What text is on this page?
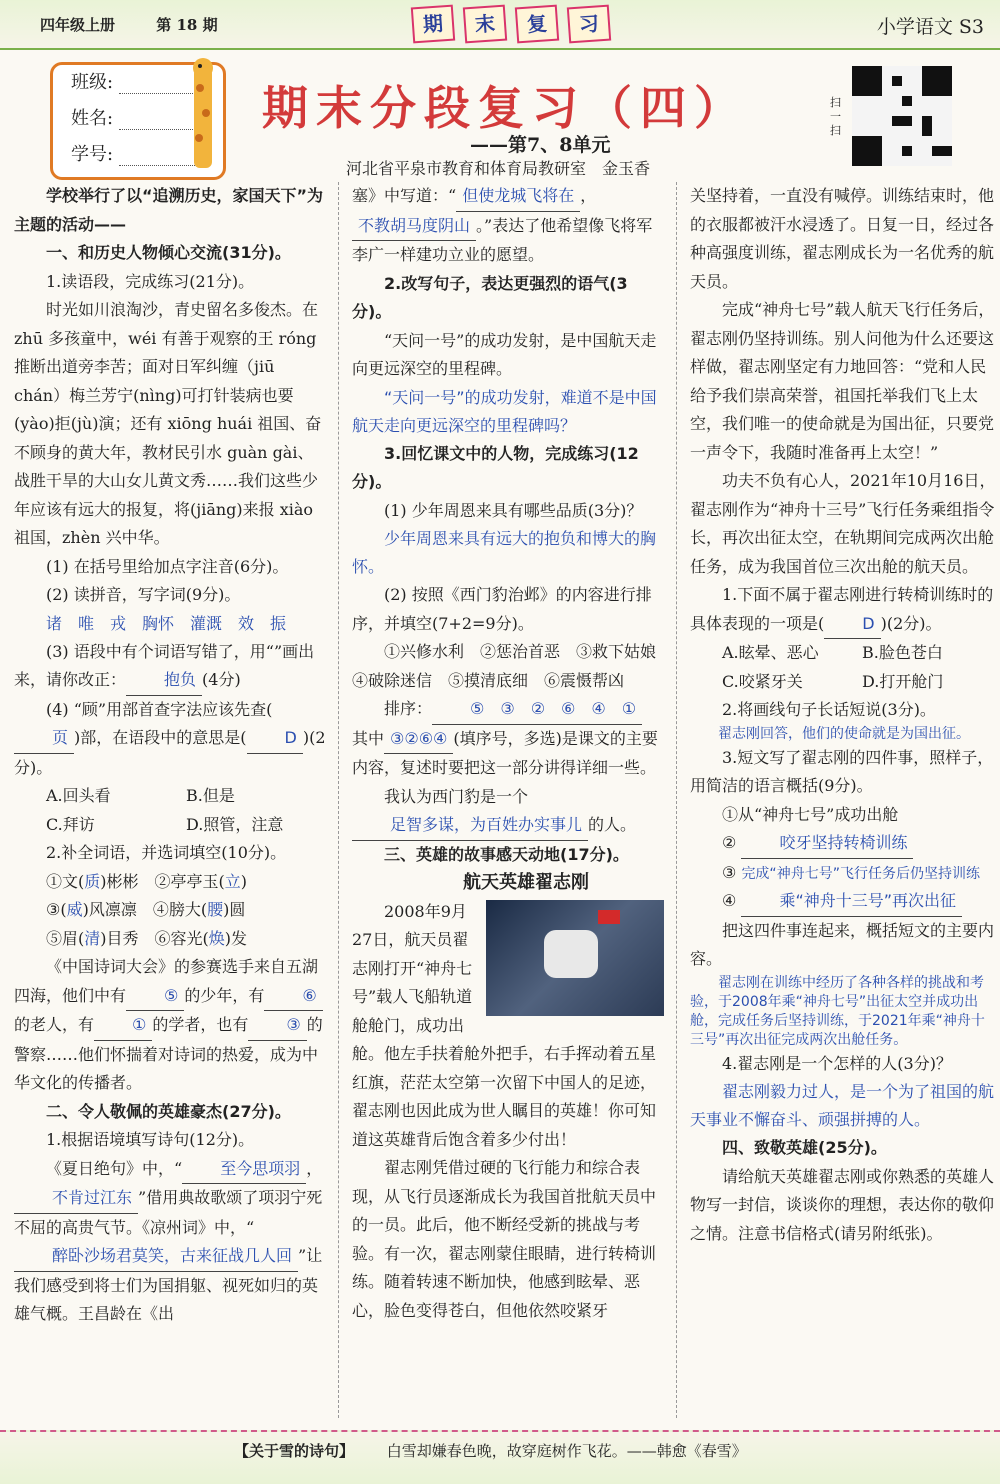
四年级上册	第 18 期	期	末	复	习	小学语文 S3
班级:
姓名:
学号:
期末分段复习（四）
——第7、8单元
河北省平泉市教育和体育局教研室　金玉香
扫一扫

学校举行了以“追溯历史，家国天下”为主题的活动——

一、和历史人物倾心交流(31分)。

1.读语段，完成练习(21分)。

时光如川浪淘沙，青史留名多俊杰。在 zhū 多孩童中，wéi 有善于观察的王 róng 推断出道旁李苦；面对日军纠缠（jiū chán）梅兰芳宁(nìng)可打针装病也要(yào)拒(jù)演；还有 xiōng huái 祖国、奋不顾身的黄大年，教材民引水 guàn gài、战胜干旱的大山女儿黄文秀……我们这些少年应该有远大的报复，将(jiāng)来报 xiào 祖国，zhèn 兴中华。

(1) 在括号里给加点字注音(6分)。

(2) 读拼音，写字词(9分)。

诸　唯　戎　胸怀　灌溉　效　振

(3) 语段中有个词语写错了，用“”画出来，请你改正： 抱负 (4分)

(4) “顾”用部首查字法应该先查(页 )部，在语段中的意思是( D )(2分)。

A.回头看	B.但是
C.拜访	D.照管，注意

2.补全词语，并选词填空(10分)。

①文(质)彬彬　 ②亭亭玉(立)

③(威)风凛凛　 ④膀大(腰)圆

⑤眉(清)目秀　 ⑥容光(焕)发

《中国诗词大会》的参赛选手来自五湖四海，他们中有 ⑤ 的少年，有 ⑥的老人，有 ① 的学者，也有 ③ 的警察……他们怀揣着对诗词的热爱，成为中华文化的传播者。

二、令人敬佩的英雄豪杰(27分)。

1.根据语境填写诗句(12分)。

《夏日绝句》中，“ 至今思项羽 ，不肯过江东 ”借用典故歌颂了项羽宁死不屈的高贵气节。《凉州词》中，“醉卧沙场君莫笑，古来征战几人回 ”让我们感受到将士们为国捐躯、视死如归的英雄气概。王昌龄在《出

塞》中写道：“ 但使龙城飞将在 ，不教胡马度阴山 。”表达了他希望像飞将军李广一样建功立业的愿望。

2.改写句子，表达更强烈的语气(3分)。

“天问一号”的成功发射，是中国航天走向更远深空的里程碑。

“天问一号”的成功发射，难道不是中国航天走向更远深空的里程碑吗？

3.回忆课文中的人物，完成练习(12分)。

(1) 少年周恩来具有哪些品质(3分)？

少年周恩来具有远大的抱负和博大的胸怀。

(2) 按照《西门豹治邺》的内容进行排序，并填空(7+2=9分)。

①兴修水利　②惩治首恶　③救下姑娘　④破除迷信　⑤摸清底细　⑥震慑帮凶

排序： ⑤　③　②　⑥　④　①

其中 ③②⑥④ (填序号，多选)是课文的主要内容，复述时要把这一部分讲得详细一些。

我认为西门豹是一个足智多谋，为百姓办实事儿 的人。

三、英雄的故事感天动地(17分)。

航天英雄翟志刚

2008年9月27日，航天员翟志刚打开“神舟七号”载人飞船轨道舱舱门，成功出舱。他左手扶着舱外把手，右手挥动着五星红旗，茫茫太空第一次留下中国人的足迹，翟志刚也因此成为世人瞩目的英雄！你可知道这英雄背后饱含着多少付出！

翟志刚凭借过硬的飞行能力和综合表现，从飞行员逐渐成长为我国首批航天员中的一员。此后，他不断经受新的挑战与考验。有一次，翟志刚蒙住眼睛，进行转椅训练。随着转速不断加快，他感到眩晕、恶心，脸色变得苍白，但他依然咬紧牙

关坚持着，一直没有喊停。训练结束时，他的衣服都被汗水浸透了。日复一日，经过各种高强度训练，翟志刚成长为一名优秀的航天员。

完成“神舟七号”载人航天飞行任务后，翟志刚仍坚持训练。别人问他为什么还要这样做，翟志刚坚定有力地回答：“党和人民给予我们崇高荣誉，祖国托举我们飞上太空，我们唯一的使命就是为国出征，只要党一声令下，我随时准备再上太空！”

功夫不负有心人，2021年10月16日，翟志刚作为“神舟十三号”飞行任务乘组指令长，再次出征太空，在轨期间完成两次出舱任务，成为我国首位三次出舱的航天员。

1.下面不属于翟志刚进行转椅训练时的具体表现的一项是( D )(2分)。

A.眩晕、恶心	B.脸色苍白
C.咬紧牙关	D.打开舱门

2.将画线句子长话短说(3分)。

翟志刚回答，他们的使命就是为国出征。

3.短文写了翟志刚的四件事，照样子，用简洁的语言概括(9分)。

①从“神舟七号”成功出舱

②	咬牙坚持转椅训练

③ 完成“神舟七号”飞行任务后仍坚持训练

④	乘“神舟十三号”再次出征

把这四件事连起来，概括短文的主要内容。

翟志刚在训练中经历了各种各样的挑战和考验，于2008年乘“神舟七号”出征太空并成功出舱，完成任务后坚持训练，于2021年乘“神舟十三号”再次出征完成两次出舱任务。

4.翟志刚是一个怎样的人(3分)？

翟志刚毅力过人，是一个为了祖国的航天事业不懈奋斗、顽强拼搏的人。

四、致敬英雄(25分)。

请给航天英雄翟志刚或你熟悉的英雄人物写一封信，谈谈你的理想，表达你的敬仰之情。注意书信格式(请另附纸张)。

【关于雪的诗句】 白雪却嫌春色晚，故穿庭树作飞花。——韩愈《春雪》
